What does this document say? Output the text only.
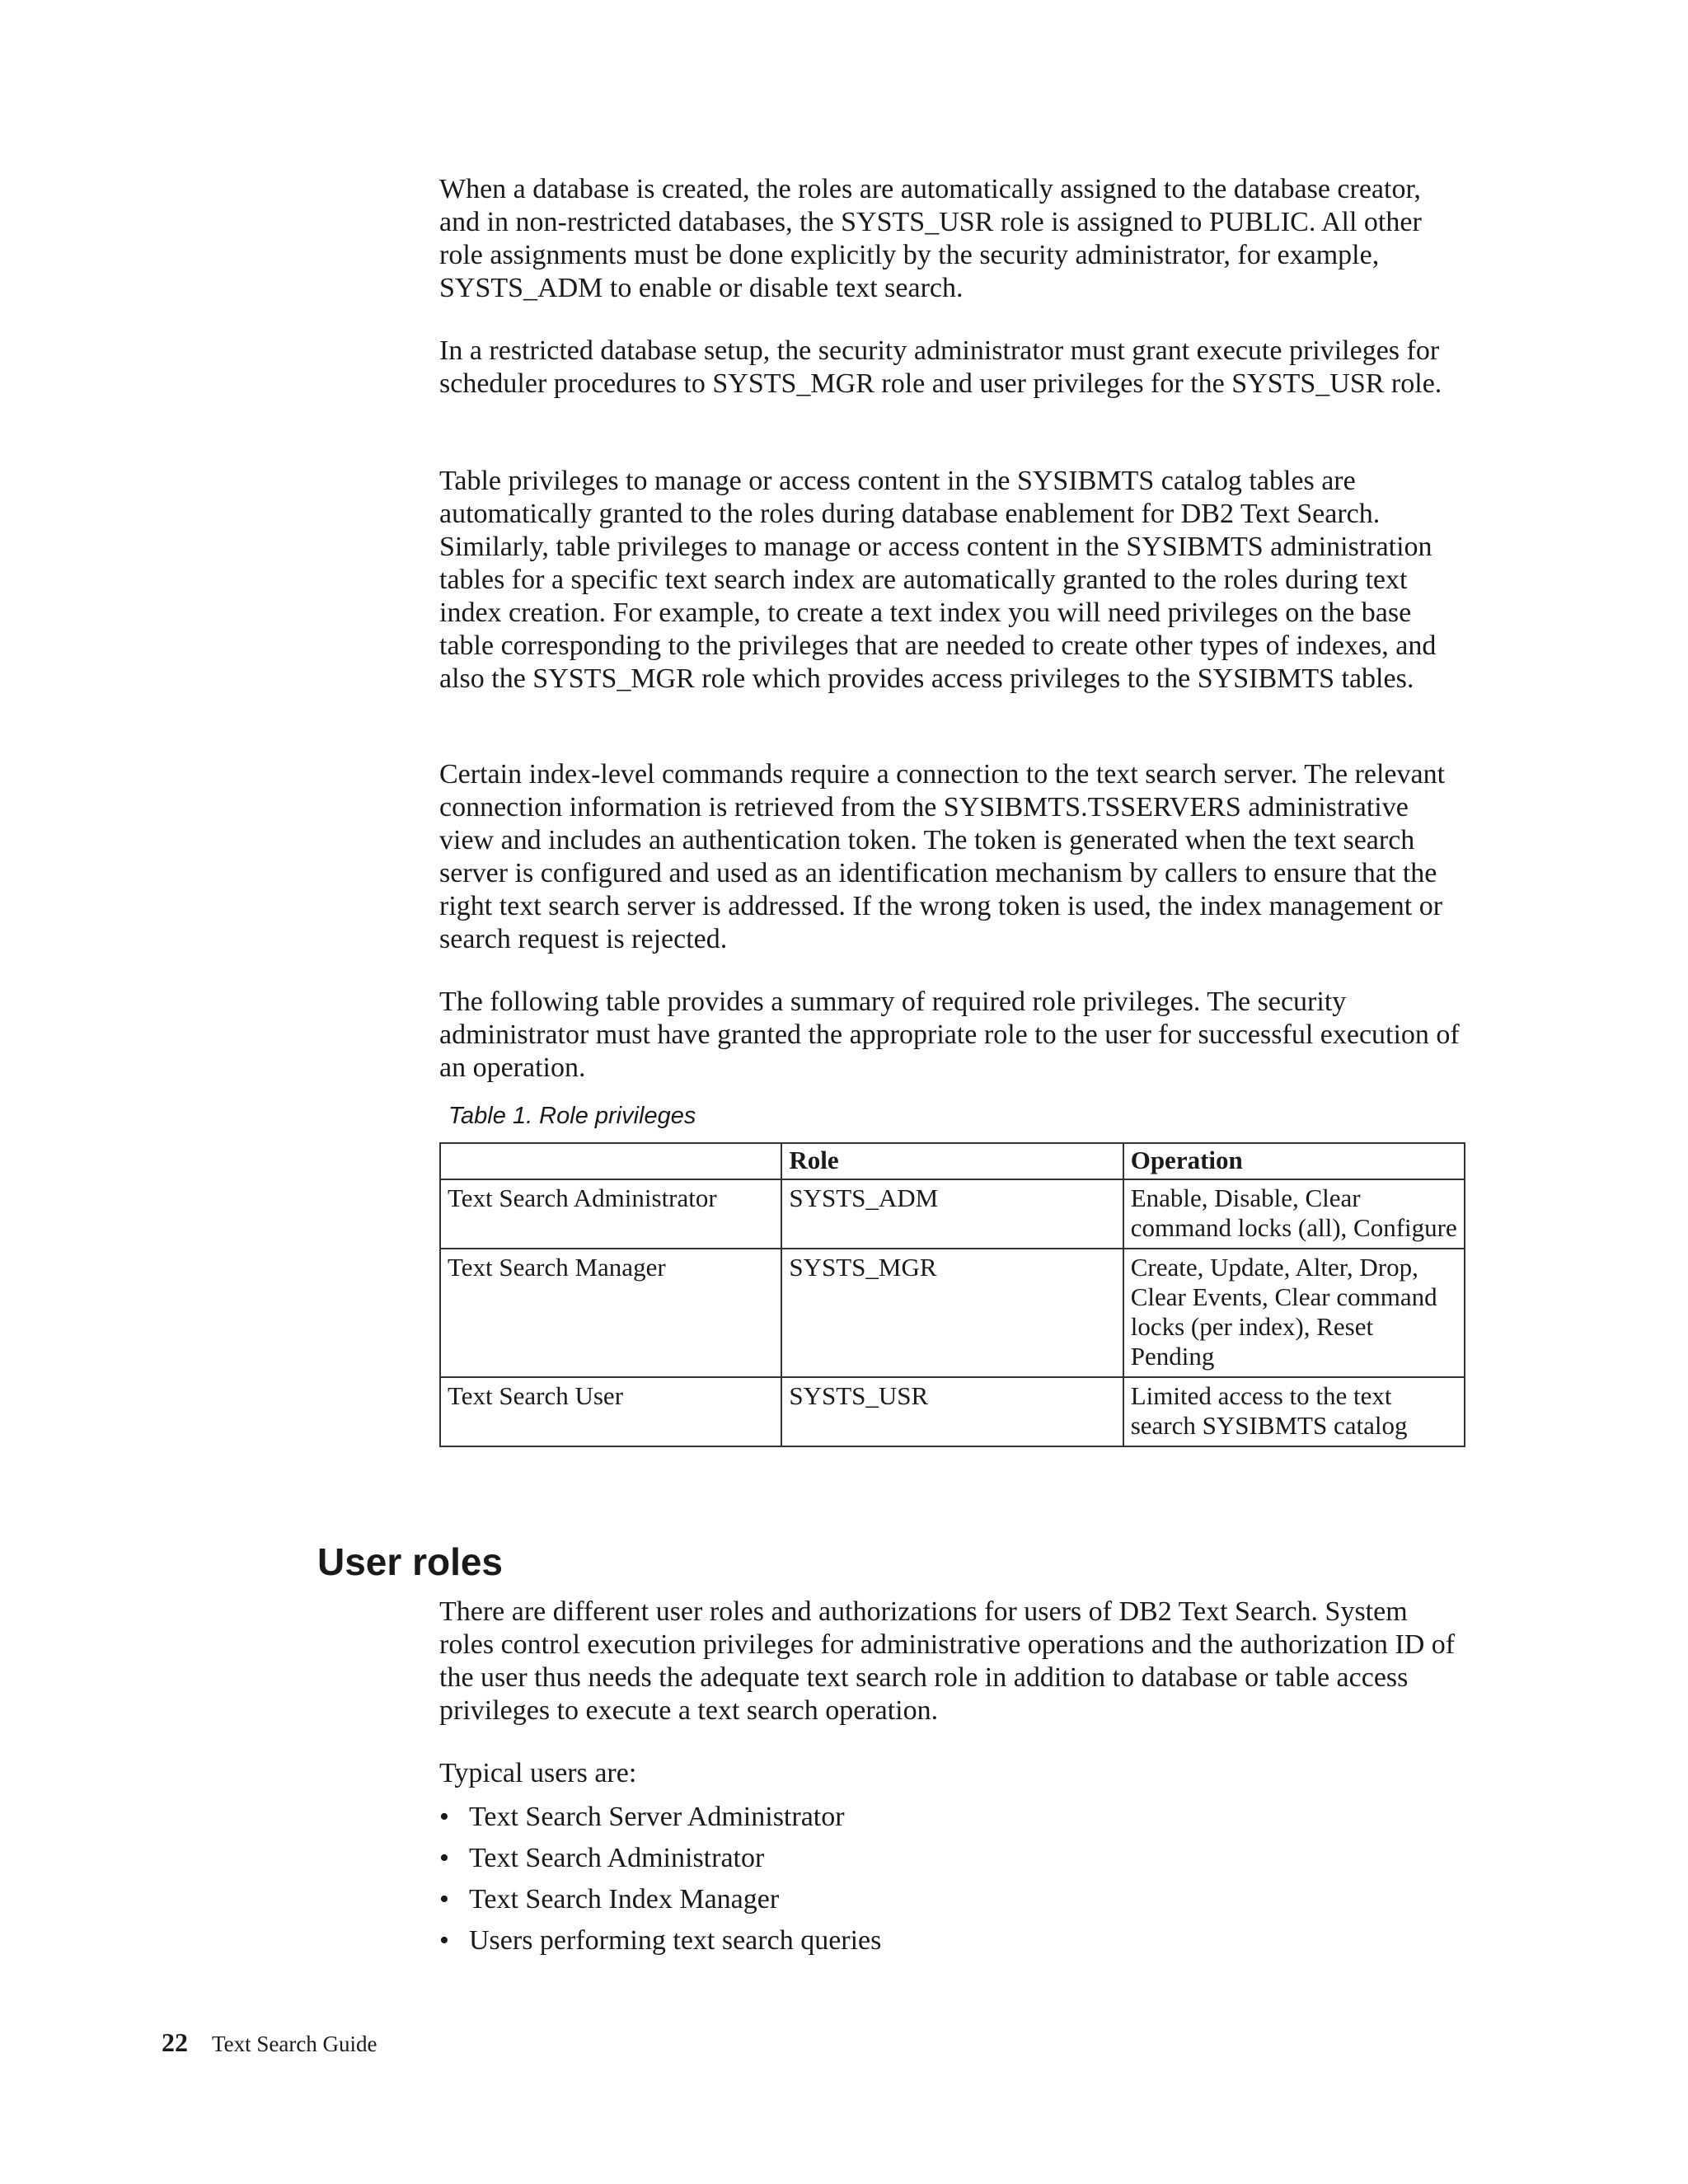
When a database is created, the roles are automatically assigned to the database creator, and in non-restricted databases, the SYSTS_USR role is assigned to PUBLIC. All other role assignments must be done explicitly by the security administrator, for example, SYSTS_ADM to enable or disable text search.

In a restricted database setup, the security administrator must grant execute privileges for scheduler procedures to SYSTS_MGR role and user privileges for the SYSTS_USR role.

Table privileges to manage or access content in the SYSIBMTS catalog tables are automatically granted to the roles during database enablement for DB2 Text Search. Similarly, table privileges to manage or access content in the SYSIBMTS administration tables for a specific text search index are automatically granted to the roles during text index creation. For example, to create a text index you will need privileges on the base table corresponding to the privileges that are needed to create other types of indexes, and also the SYSTS_MGR role which provides access privileges to the SYSIBMTS tables.

Certain index-level commands require a connection to the text search server. The relevant connection information is retrieved from the SYSIBMTS.TSSERVERS administrative view and includes an authentication token. The token is generated when the text search server is configured and used as an identification mechanism by callers to ensure that the right text search server is addressed. If the wrong token is used, the index management or search request is rejected.

The following table provides a summary of required role privileges. The security administrator must have granted the appropriate role to the user for successful execution of an operation.

Table 1. Role privileges

	Role	Operation
Text Search Administrator	SYSTS_ADM	Enable, Disable, Clear command locks (all), Configure
Text Search Manager	SYSTS_MGR	Create, Update, Alter, Drop, Clear Events, Clear command locks (per index), Reset Pending
Text Search User	SYSTS_USR	Limited access to the text search SYSIBMTS catalog
User roles

There are different user roles and authorizations for users of DB2 Text Search. System roles control execution privileges for administrative operations and the authorization ID of the user thus needs the adequate text search role in addition to database or table access privileges to execute a text search operation.

Typical users are:

• Text Search Server Administrator
• Text Search Administrator
• Text Search Index Manager
• Users performing text search queries
22 Text Search Guide
